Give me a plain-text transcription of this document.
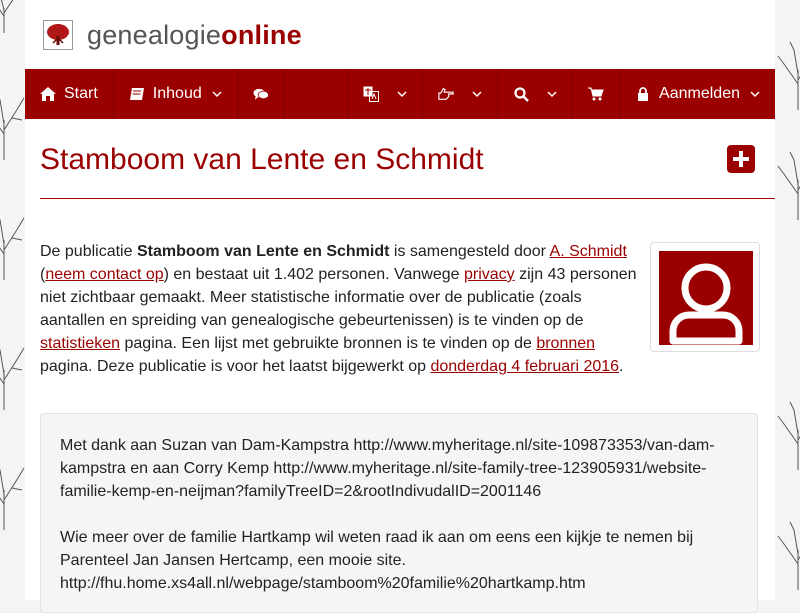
genealogieonline
Start	Inhoud	Aanmelden
Stamboom van Lente en Schmidt
De publicatie Stamboom van Lente en Schmidt is samengesteld door A. Schmidt (neem contact op) en bestaat uit 1.402 personen. Vanwege privacy zijn 43 personen niet zichtbaar gemaakt. Meer statistische informatie over de publicatie (zoals aantallen en spreiding van genealogische gebeurtenissen) is te vinden op de statistieken pagina. Een lijst met gebruikte bronnen is te vinden op de bronnen pagina. Deze publicatie is voor het laatst bijgewerkt op donderdag 4 februari 2016.

Met dank aan Suzan van Dam-Kampstra http://www.myheritage.nl/site-109873353/van-dam-kampstra en aan Corry Kemp http://www.myheritage.nl/site-family-tree-123905931/website-familie-kemp-en-neijman?familyTreeID=2&rootIndivudalID=2001146

Wie meer over de familie Hartkamp wil weten raad ik aan om eens een kijkje te nemen bij Parenteel Jan Jansen Hertcamp, een mooie site. http://fhu.home.xs4all.nl/webpage/stamboom%20familie%20hartkamp.htm
